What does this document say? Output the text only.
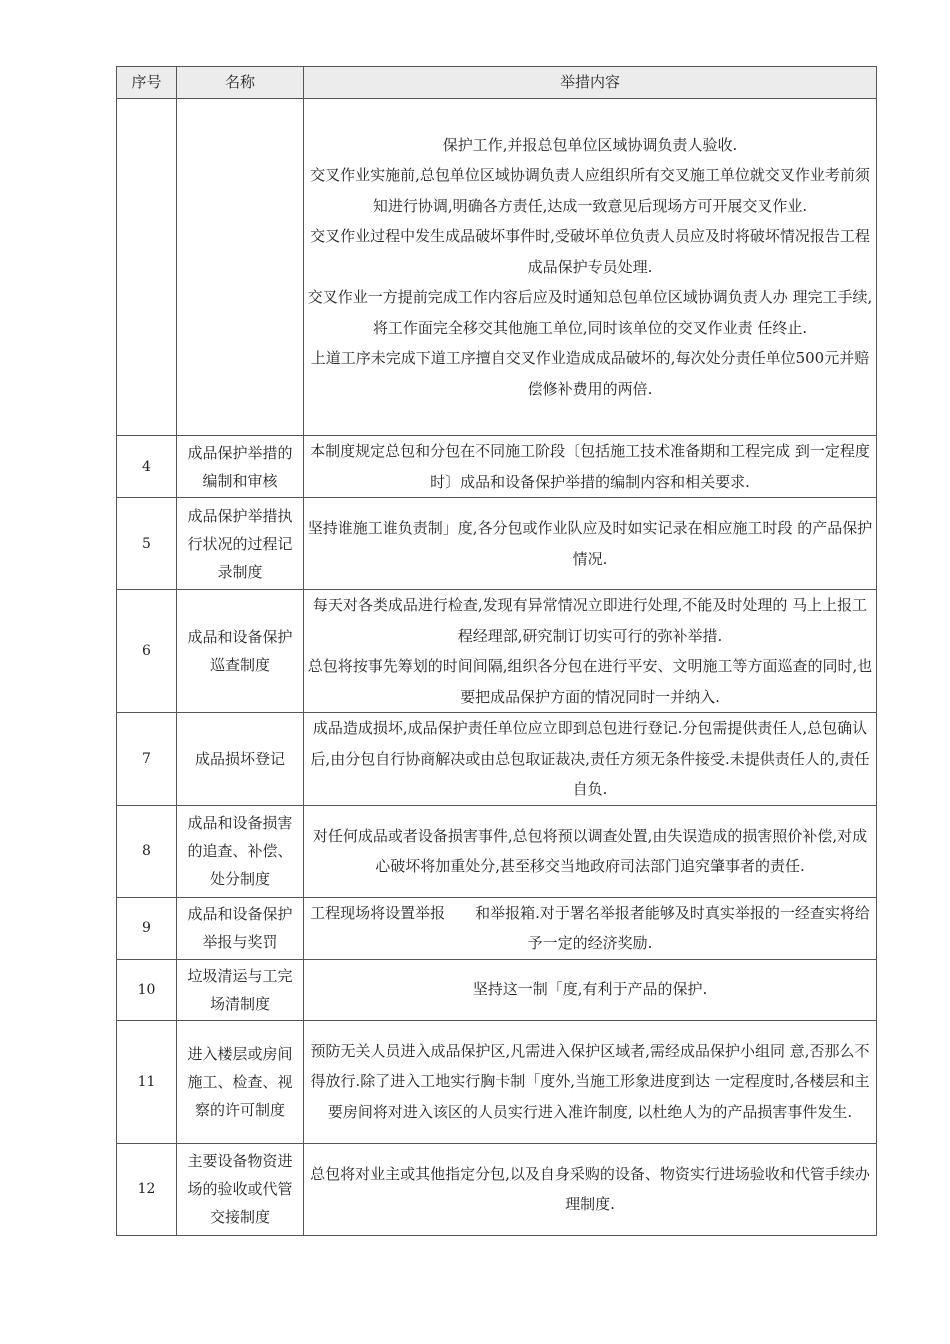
序号	名称	举措内容

		保护工作,并报总包单位区域协调负责人验收.

交叉作业实施前,总包单位区域协调负责人应组织所有交叉施工单位就交叉作业考前须知进行协调,明确各方责任,达成一致意见后现场方可开展交叉作业.

交叉作业过程中发生成品破坏事件时,受破坏单位负责人员应及时将破坏情况报告工程成品保护专员处理.

交叉作业一方提前完成工作内容后应及时通知总包单位区域协调负责人办 理完工手续,将工作面完全移交其他施工单位,同时该单位的交叉作业责 任终止.

上道工序未完成下道工序擅自交叉作业造成成品破坏的,每次处分责任单位500元并赔偿修补费用的两倍.

4	成品保护举措的 编制和审核	本制度规定总包和分包在不同施工阶段〔包括施工技术准备期和工程完成 到一定程度时〕成品和设备保护举措的编制内容和相关要求.

5	成品保护举措执 行状况的过程记 录制度	坚持谁施工谁负责制」度,各分包或作业队应及时如实记录在相应施工时段 的产品保护情况.

6	成品和设备保护 巡查制度	每天对各类成品进行检查,发现有异常情况立即进行处理,不能及时处理的 马上上报工程经理部,研究制订切实可行的弥补举措.

总包将按事先筹划的时间间隔,组织各分包在进行平安、文明施工等方面巡查的同时,也要把成品保护方面的情况同时一并纳入.

7	成品损坏登记	成品造成损坏,成品保护责任单位应立即到总包进行登记.分包需提供责任人,总包确认后,由分包自行协商解决或由总包取证裁决,责任方须无条件接受.未提供责任人的,责任自负.

8	成品和设备损害 的追查、补偿、 处分制度	对任何成品或者设备损害事件,总包将预以调查处置,由失误造成的损害照价补偿,对成心破坏将加重处分,甚至移交当地政府司法部门追究肇事者的责任.

9	成品和设备保护 举报与奖罚	工程现场将设置举报　　和举报箱.对于署名举报者能够及时真实举报的一经查实将给予一定的经济奖励.

10	垃圾清运与工完 场清制度	坚持这一制「度,有利于产品的保护.

11	进入楼层或房间 施工、检查、视 察的许可制度	预防无关人员进入成品保护区,凡需进入保护区域者,需经成品保护小组同 意,否那么不得放行.除了进入工地实行胸卡制「度外,当施工形象进度到达 一定程度时,各楼层和主要房间将对进入该区的人员实行进入准许制度, 以杜绝人为的产品损害事件发生.

12	主要设备物资进 场的验收或代管 交接制度	总包将对业主或其他指定分包,以及自身采购的设备、物资实行进场验收和代管手续办理制度.
